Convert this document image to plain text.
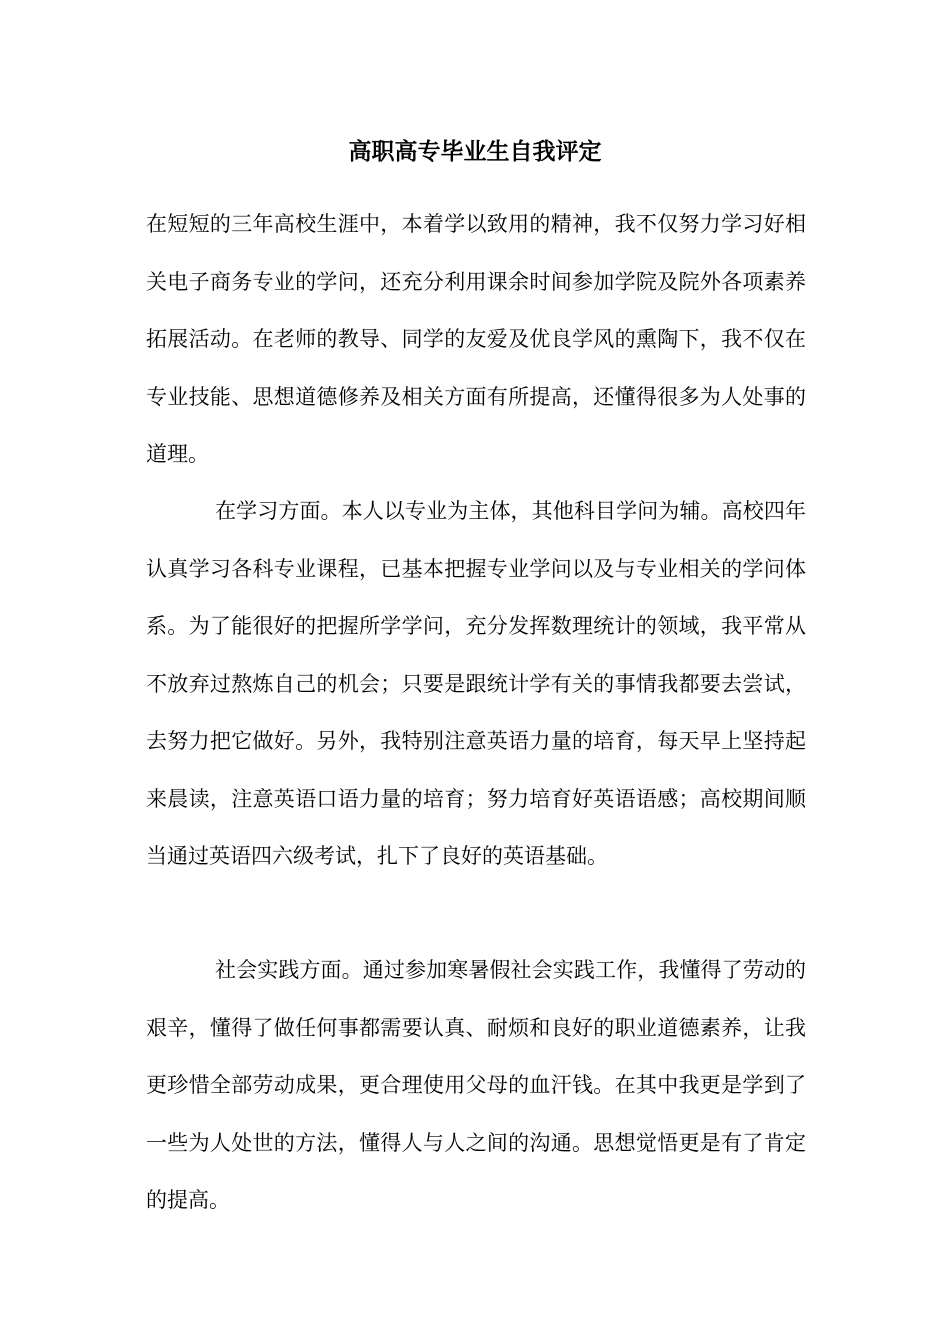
高职高专毕业生自我评定

在短短的三年高校生涯中，本着学以致用的精神，我不仅努力学习好相关电子商务专业的学问，还充分利用课余时间参加学院及院外各项素养拓展活动。在老师的教导、同学的友爱及优良学风的熏陶下，我不仅在专业技能、思想道德修养及相关方面有所提高，还懂得很多为人处事的道理。

在学习方面。本人以专业为主体，其他科目学问为辅。高校四年认真学习各科专业课程，已基本把握专业学问以及与专业相关的学问体系。为了能很好的把握所学学问，充分发挥数理统计的领域，我平常从不放弃过熬炼自己的机会；只要是跟统计学有关的事情我都要去尝试，去努力把它做好。另外，我特别注意英语力量的培育，每天早上坚持起来晨读，注意英语口语力量的培育；努力培育好英语语感；高校期间顺当通过英语四六级考试，扎下了良好的英语基础。

社会实践方面。通过参加寒暑假社会实践工作，我懂得了劳动的艰辛，懂得了做任何事都需要认真、耐烦和良好的职业道德素养，让我更珍惜全部劳动成果，更合理使用父母的血汗钱。在其中我更是学到了一些为人处世的方法，懂得人与人之间的沟通。思想觉悟更是有了肯定的提高。
